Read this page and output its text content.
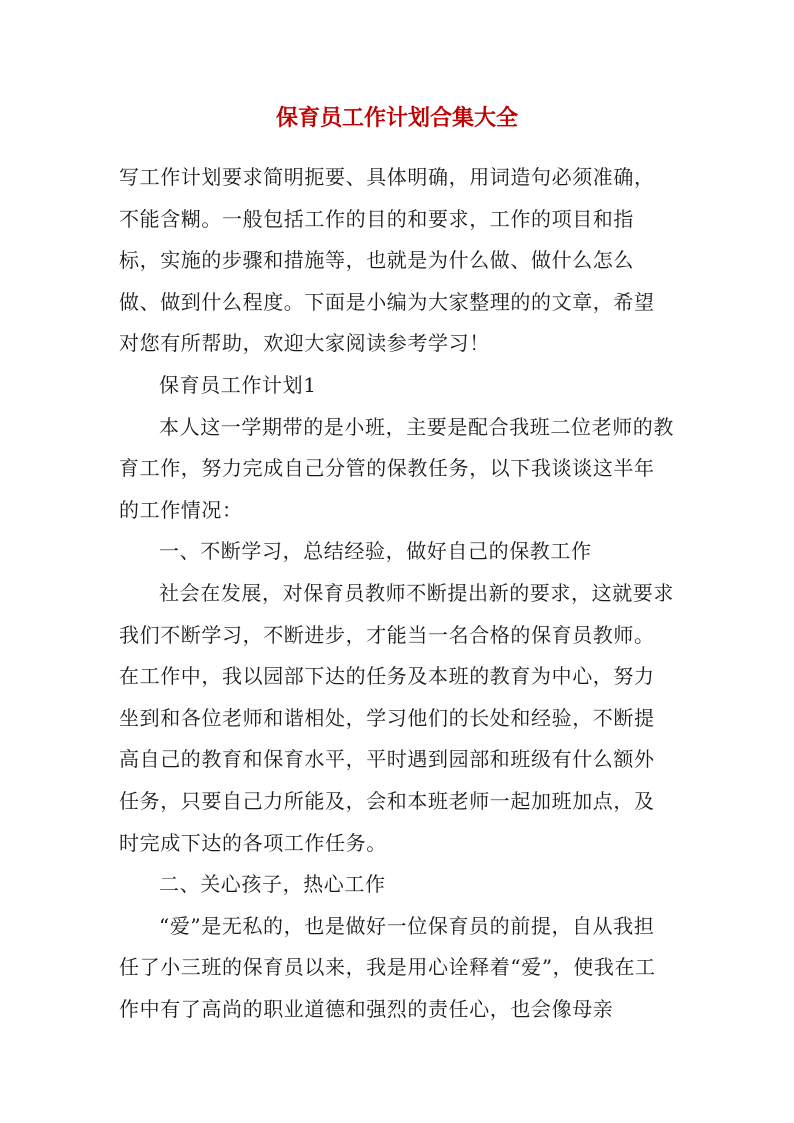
保育员工作计划合集大全

写工作计划要求简明扼要、具体明确，用词造句必须准确，不能含糊。一般包括工作的目的和要求，工作的项目和指标，实施的步骤和措施等，也就是为什么做、做什么怎么做、做到什么程度。下面是小编为大家整理的的文章，希望对您有所帮助，欢迎大家阅读参考学习！

保育员工作计划1

本人这一学期带的是小班，主要是配合我班二位老师的教育工作，努力完成自己分管的保教任务，以下我谈谈这半年的工作情况：

一、不断学习，总结经验，做好自己的保教工作

社会在发展，对保育员教师不断提出新的要求，这就要求我们不断学习，不断进步，才能当一名合格的保育员教师。在工作中，我以园部下达的任务及本班的教育为中心，努力坐到和各位老师和谐相处，学习他们的长处和经验，不断提高自己的教育和保育水平，平时遇到园部和班级有什么额外任务，只要自己力所能及，会和本班老师一起加班加点，及时完成下达的各项工作任务。

二、关心孩子，热心工作

“爱”是无私的，也是做好一位保育员的前提，自从我担任了小三班的保育员以来，我是用心诠释着“爱”，使我在工作中有了高尚的职业道德和强烈的责任心，也会像母亲
